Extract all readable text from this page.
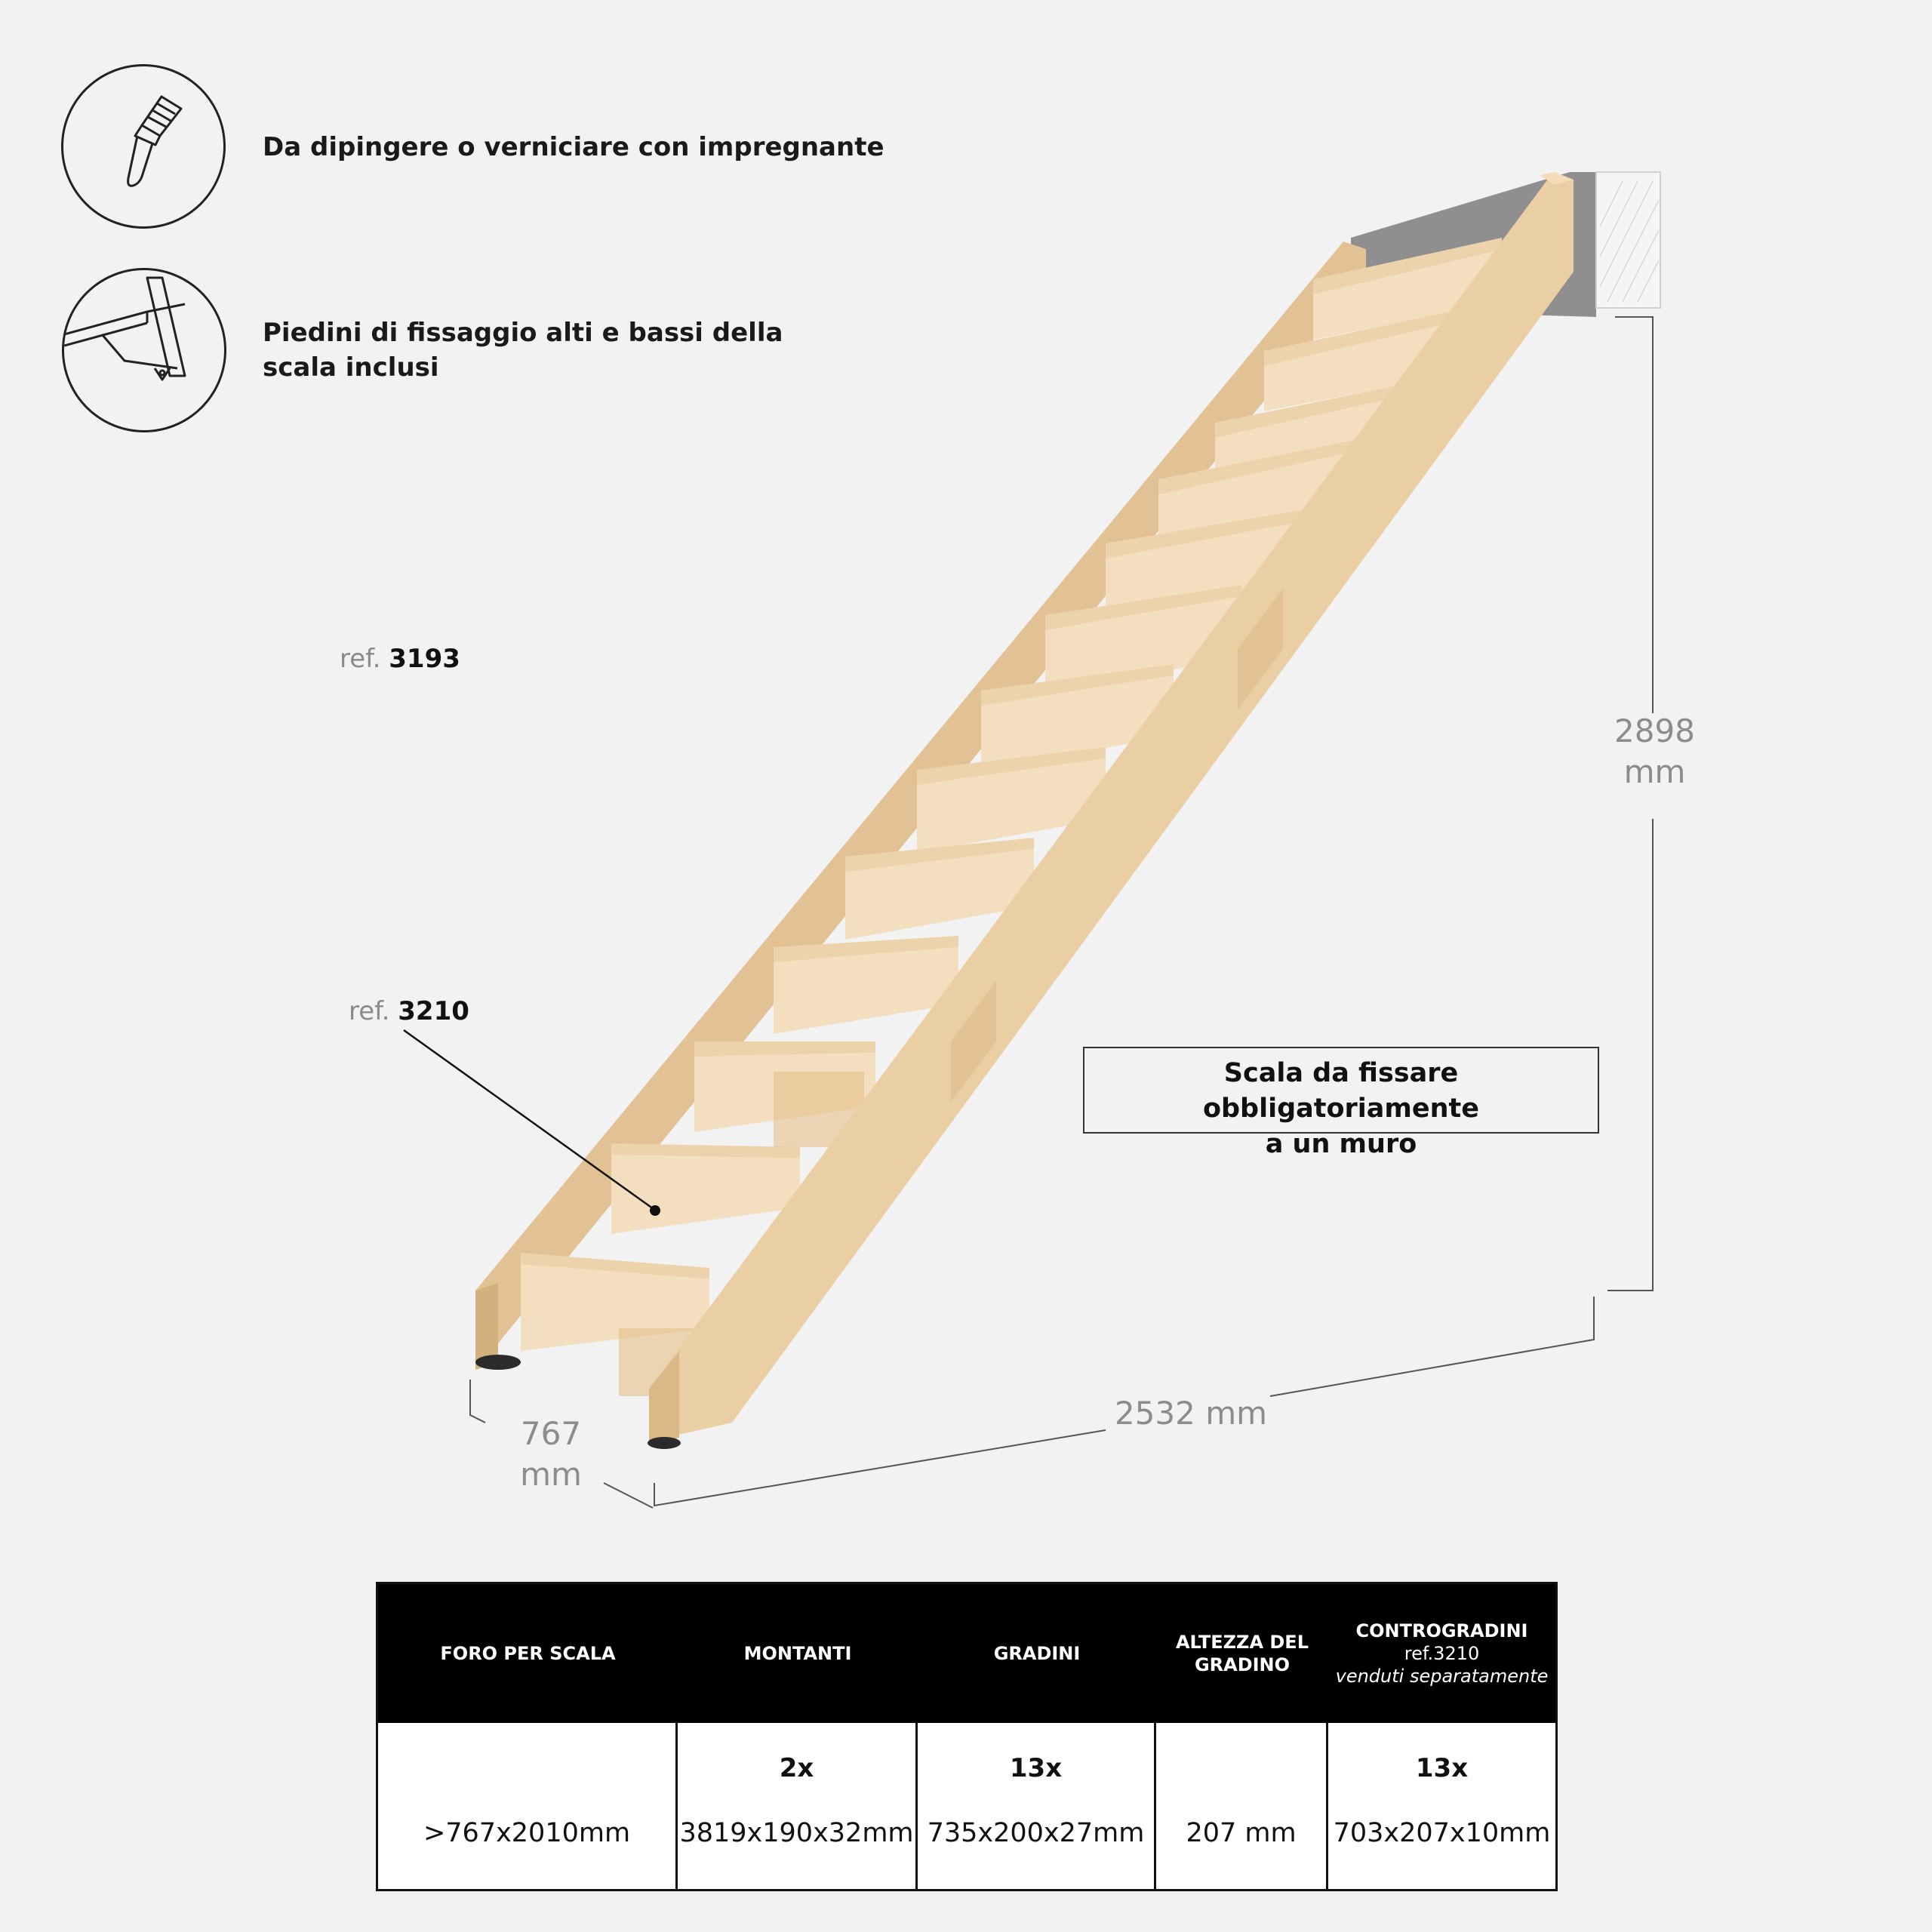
Da dipingere o verniciare con impregnante
Piedini di fissaggio alti e bassi della
scala inclusi
ref. 3193
ref. 3210
2898
mm
2532 mm
767
mm
Scala da fissare obbligatoriamente
a un muro
FORO PER SCALA	MONTANTI	GRADINI
ALTEZZA DEL
GRADINO
CONTROGRADINI
ref.3210
venduti separatamente
>767x2010mm
2x
3819x190x32mm
13x
735x200x27mm 207 mm
13x
703x207x10mm
